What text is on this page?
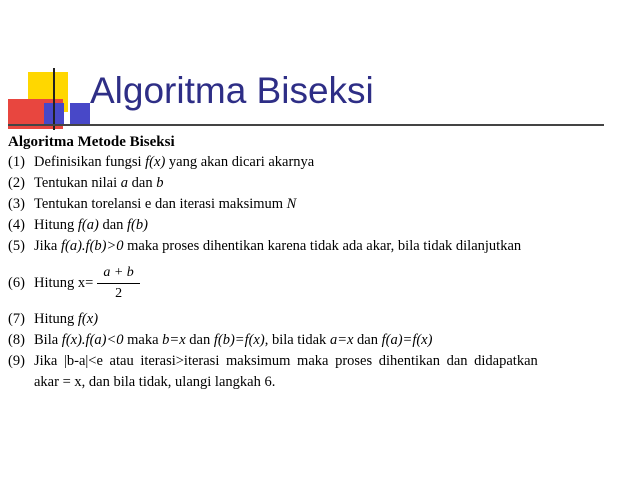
Algoritma Biseksi
Algoritma Metode Biseksi
(1) Definisikan fungsi f(x) yang akan dicari akarnya
(2) Tentukan nilai a dan b
(3) Tentukan torelansi e dan iterasi maksimum N
(4) Hitung f(a) dan f(b)
(5) Jika f(a).f(b)>0 maka proses dihentikan karena tidak ada akar, bila tidak dilanjutkan
(6) Hitung $x= \frac{a + b}{2}$
(7) Hitung f(x)
(8) Bila f(x).f(a)<0 maka b=x dan f(b)=f(x), bila tidak a=x dan f(a)=f(x)
(9) Jika |b-a|<e atau iterasi>iterasi maksimum maka proses dihentikan dan didapatkan
akar = x, dan bila tidak, ulangi langkah 6.
